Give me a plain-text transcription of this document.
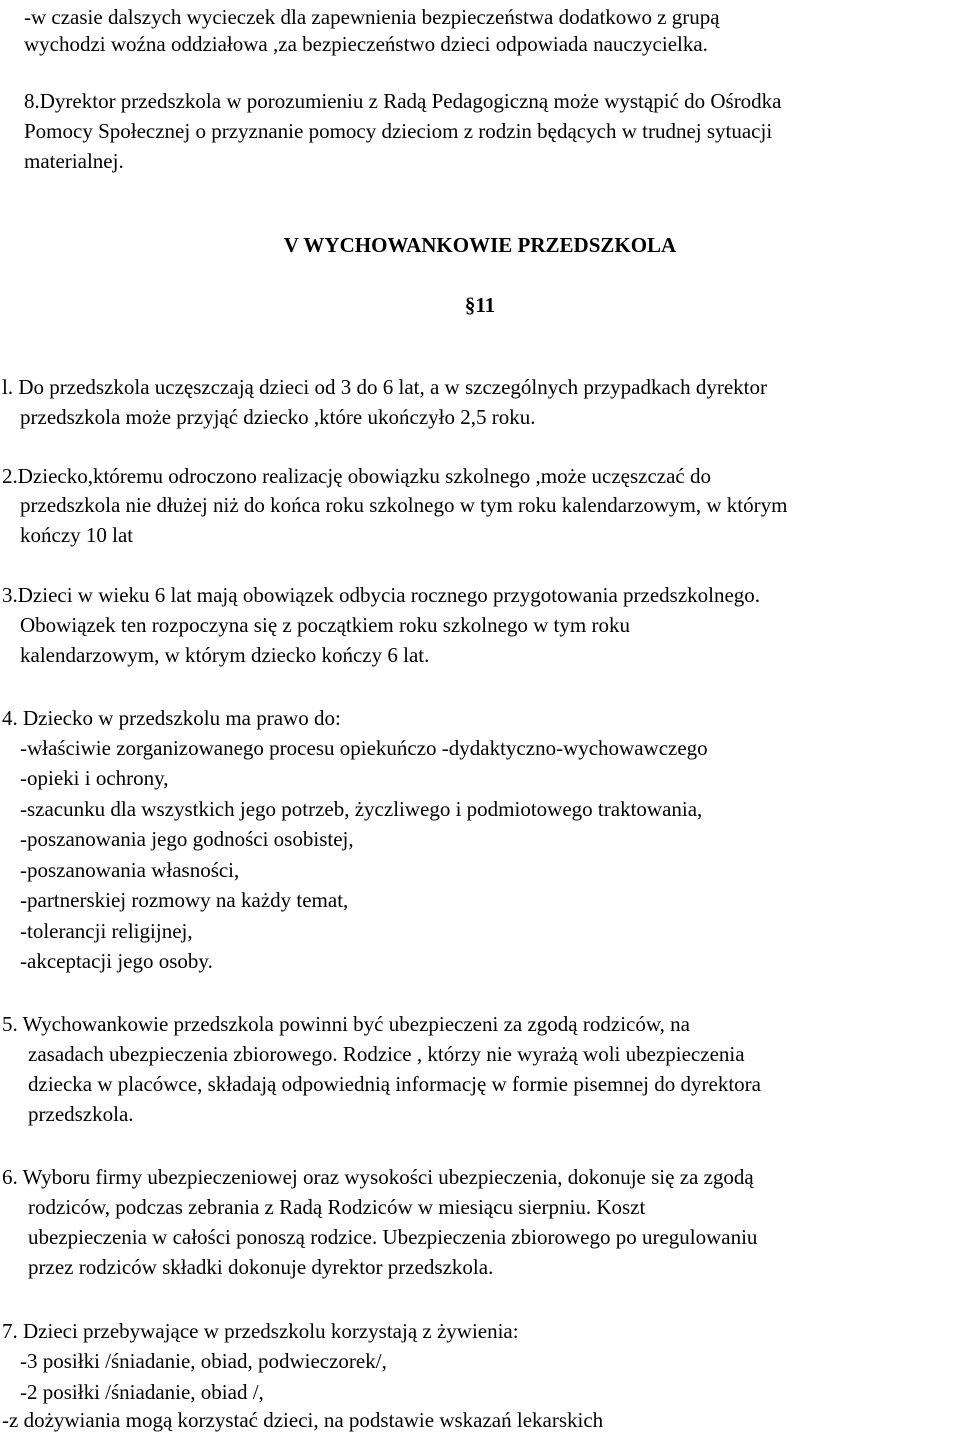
-w czasie dalszych wycieczek dla zapewnienia bezpieczeństwa dodatkowo z grupą
wychodzi woźna oddziałowa ,za bezpieczeństwo dzieci odpowiada nauczycielka.
8.Dyrektor przedszkola w porozumieniu z Radą Pedagogiczną może wystąpić do Ośrodka
Pomocy Społecznej o przyznanie pomocy dzieciom z rodzin będących w trudnej sytuacji
materialnej.
V WYCHOWANKOWIE PRZEDSZKOLA
§11
l. Do przedszkola uczęszczają dzieci od 3 do 6 lat, a w szczególnych przypadkach dyrektor
przedszkola może przyjąć dziecko ,które ukończyło 2,5 roku.
2.Dziecko,któremu odroczono realizację obowiązku szkolnego ,może uczęszczać do
przedszkola nie dłużej niż do końca roku szkolnego w tym roku kalendarzowym, w którym
kończy 10 lat
3.Dzieci w wieku 6 lat mają obowiązek odbycia rocznego przygotowania przedszkolnego.
Obowiązek ten rozpoczyna się z początkiem roku szkolnego w tym roku
kalendarzowym, w którym dziecko kończy 6 lat.
4. Dziecko w przedszkolu ma prawo do:
-właściwie zorganizowanego procesu opiekuńczo -dydaktyczno-wychowawczego
-opieki i ochrony,
-szacunku dla wszystkich jego potrzeb, życzliwego i podmiotowego traktowania,
-poszanowania jego godności osobistej,
-poszanowania własności,
-partnerskiej rozmowy na każdy temat,
-tolerancji religijnej,
-akceptacji jego osoby.
5. Wychowankowie przedszkola powinni być ubezpieczeni za zgodą rodziców, na
zasadach ubezpieczenia zbiorowego. Rodzice , którzy nie wyrażą woli ubezpieczenia
dziecka w placówce, składają odpowiednią informację w formie pisemnej do dyrektora
przedszkola.
6. Wyboru firmy ubezpieczeniowej oraz wysokości ubezpieczenia, dokonuje się za zgodą
rodziców, podczas zebrania z Radą Rodziców w miesiącu sierpniu. Koszt
ubezpieczenia w całości ponoszą rodzice. Ubezpieczenia zbiorowego po uregulowaniu
przez rodziców składki dokonuje dyrektor przedszkola.
7. Dzieci przebywające w przedszkolu korzystają z żywienia:
-3 posiłki /śniadanie, obiad, podwieczorek/,
-2 posiłki /śniadanie, obiad /,
-z dożywiania mogą korzystać dzieci, na podstawie wskazań lekarskich
